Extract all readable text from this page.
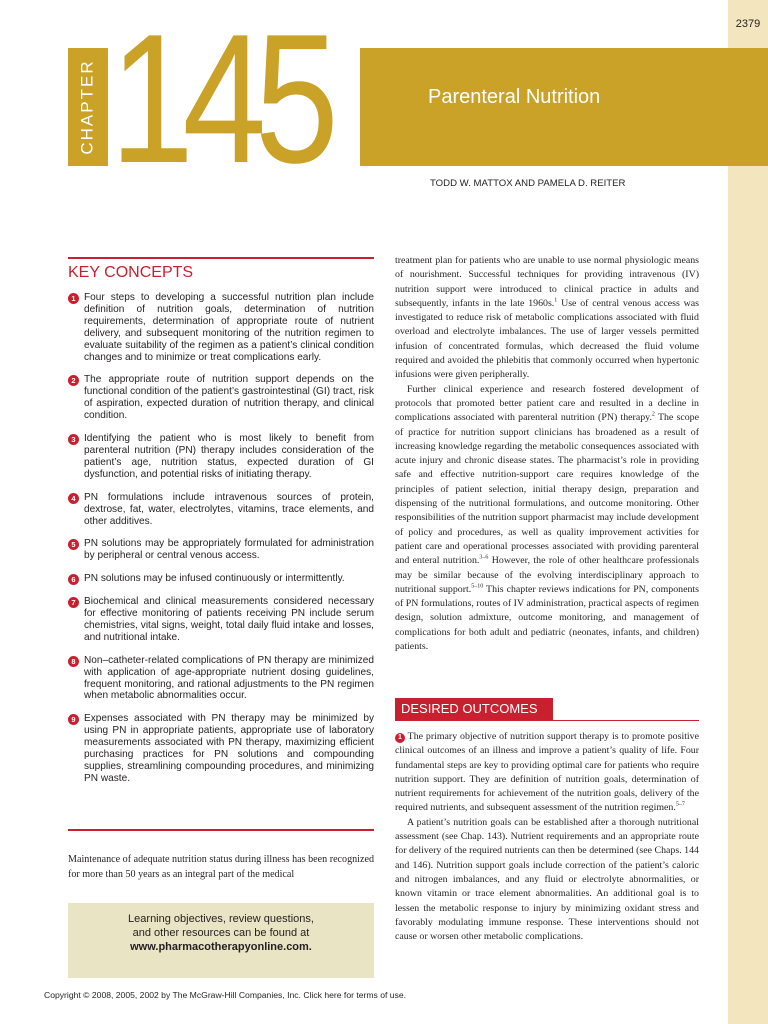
2379
CHAPTER 145	Parenteral Nutrition
TODD W. MATTOX AND PAMELA D. REITER
KEY CONCEPTS
1 Four steps to developing a successful nutrition plan include definition of nutrition goals, determination of nutrition requirements, determination of appropriate route of nutrient delivery, and subsequent monitoring of the nutrition regimen to evaluate suitability of the regimen as a patient’s clinical condition changes and to minimize or treat complications early.
2 The appropriate route of nutrition support depends on the functional condition of the patient’s gastrointestinal (GI) tract, risk of aspiration, expected duration of nutrition therapy, and clinical condition.
3 Identifying the patient who is most likely to benefit from parenteral nutrition (PN) therapy includes consideration of the patient’s age, nutrition status, expected duration of GI dysfunction, and potential risks of initiating therapy.
4 PN formulations include intravenous sources of protein, dextrose, fat, water, electrolytes, vitamins, trace elements, and other additives.
5 PN solutions may be appropriately formulated for administration by peripheral or central venous access.
6 PN solutions may be infused continuously or intermittently.
7 Biochemical and clinical measurements considered necessary for effective monitoring of patients receiving PN include serum chemistries, vital signs, weight, total daily fluid intake and losses, and nutritional intake.
8 Non–catheter-related complications of PN therapy are minimized with application of age-appropriate nutrient dosing guidelines, frequent monitoring, and rational adjustments to the PN regimen when metabolic abnormalities occur.
9 Expenses associated with PN therapy may be minimized by using PN in appropriate patients, appropriate use of laboratory measurements associated with PN therapy, maximizing efficient purchasing practices for PN solutions and compounding supplies, streamlining compounding procedures, and minimizing PN waste.

Maintenance of adequate nutrition status during illness has been recognized for more than 50 years as an integral part of the medical

Learning objectives, review questions,
and other resources can be found at
www.pharmacotherapyonline.com.

treatment plan for patients who are unable to use normal physiologic means of nourishment. Successful techniques for providing intravenous (IV) nutrition support were introduced to clinical practice in adults and subsequently, infants in the late 1960s.$^1$ Use of central venous access was investigated to reduce risk of metabolic complications associated with fluid overload and electrolyte imbalances. The use of larger vessels permitted infusion of concentrated formulas, which decreased the fluid volume required and avoided the phlebitis that commonly occurred when hypertonic infusions were given peripherally.

Further clinical experience and research fostered development of protocols that promoted better patient care and resulted in a decline in complications associated with parenteral nutrition (PN) therapy.$^2$ The scope of practice for nutrition support clinicians has broadened as a result of increasing knowledge regarding the metabolic consequences associated with acute injury and chronic disease states. The pharmacist’s role in providing safe and effective nutrition-support care requires knowledge of the principles of patient selection, initial therapy design, preparation and dispensing of the nutritional formulations, and outcome monitoring. Other responsibilities of the nutrition support pharmacist may include development of policy and procedures, as well as quality improvement activities for patient care and operational processes associated with providing parenteral and enteral nutrition.$^{3-6}$ However, the role of other healthcare professionals may be similar because of the evolving interdisciplinary approach to nutritional support.$^{5-10}$ This chapter reviews indications for PN, components of PN formulations, routes of IV administration, practical aspects of regimen design, solution admixture, outcome monitoring, and management of complications for both adult and pediatric (neonates, infants, and children) patients.

DESIRED OUTCOMES

1 The primary objective of nutrition support therapy is to promote positive clinical outcomes of an illness and improve a patient’s quality of life. Four fundamental steps are key to providing optimal care for patients who require nutrition support. They are definition of nutrition goals, determination of nutrient requirements for achievement of the nutrition goals, delivery of the required nutrients, and subsequent assessment of the nutrition regimen.$^{5-7}$

A patient’s nutrition goals can be established after a thorough nutritional assessment (see Chap. 143). Nutrient requirements and an appropriate route for delivery of the required nutrients can then be determined (see Chaps. 144 and 146). Nutrition support goals include correction of the patient’s caloric and nitrogen imbalances, and any fluid or electrolyte abnormalities, or known vitamin or trace element abnormalities. An additional goal is to lessen the metabolic response to injury by minimizing oxidant stress and favorably modulating immune response. These interventions should not cause or worsen other metabolic complications.

Copyright © 2008, 2005, 2002 by The McGraw-Hill Companies, Inc. Click here for terms of use.
